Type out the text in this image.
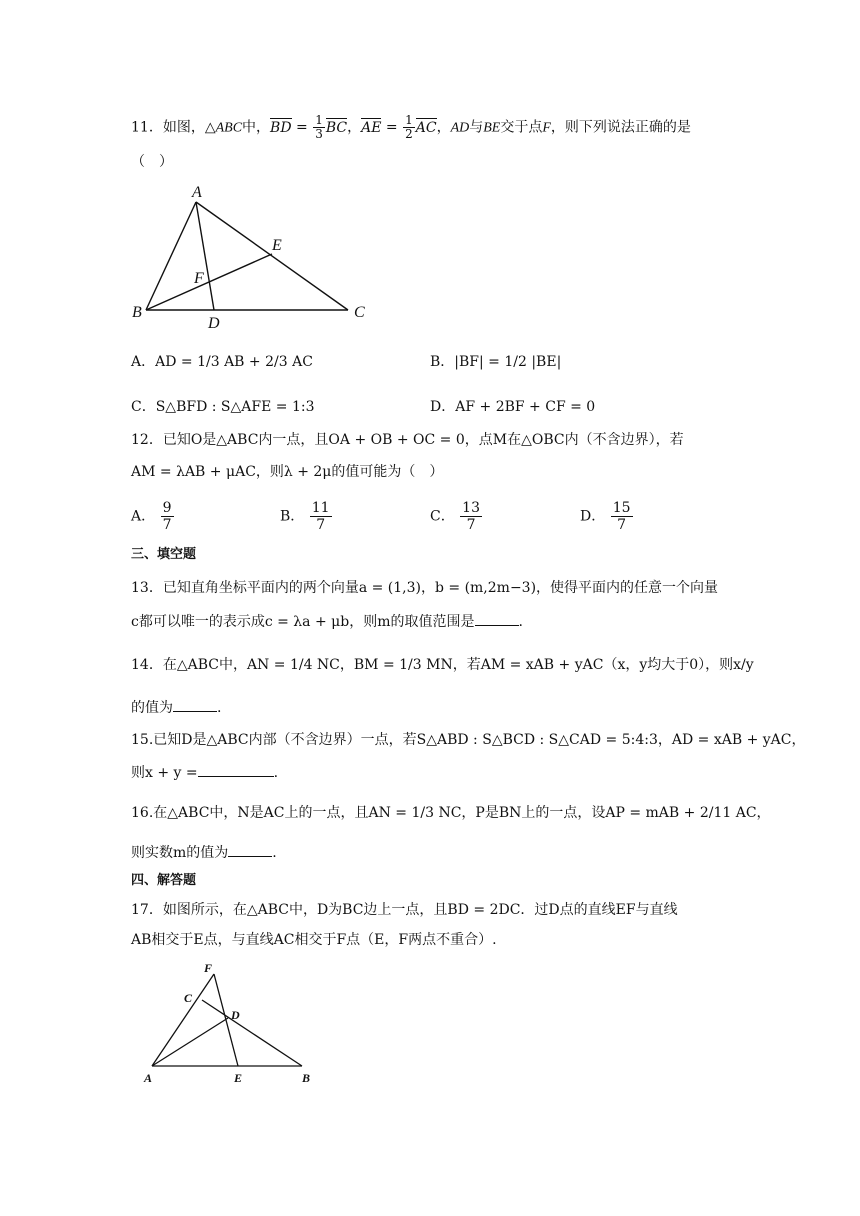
11．如图，△ABC中，BD = $\frac{1}{3}$ BC，AE = $\frac{1}{2}$ AC，AD与BE交于点F，则下列说法正确的是
（　）
A
B	C
D
E
F
A．AD = 1/3 AB + 2/3 AC	B．|BF| = 1/2 |BE|
C．S△BFD : S△AFE = 1:3	D．AF + 2BF + CF = 0
12．已知O是△ABC内一点，且OA + OB + OC = 0，点M在△OBC内（不含边界），若
AM = λAB + μAC，则λ + 2μ的值可能为（　）
A． $\frac{9}{7}$	B． $\frac{11}{7}$	C． $\frac{13}{7}$	D． $\frac{15}{7}$
三、填空题
13．已知直角坐标平面内的两个向量a = (1,3)，b = (m,2m−3)，使得平面内的任意一个向量
c都可以唯一的表示成c = λa + μb，则m的取值范围是	.
14．在△ABC中，AN = 1/4 NC，BM = 1/3 MN，若AM = xAB + yAC（x，y均大于0），则x/y
的值为	.
15.已知D是△ABC内部（不含边界）一点，若S△ABD : S△BCD : S△CAD = 5:4:3，AD = xAB + yAC，
则x + y =	.
16.在△ABC中，N是AC上的一点，且AN = 1/3 NC，P是BN上的一点，设AP = mAB + 2/11 AC，
则实数m的值为	.
四、解答题
17．如图所示，在△ABC中，D为BC边上一点，且BD = 2DC．过D点的直线EF与直线
AB相交于E点，与直线AC相交于F点（E，F两点不重合）.
F
C
D
A	E	B
